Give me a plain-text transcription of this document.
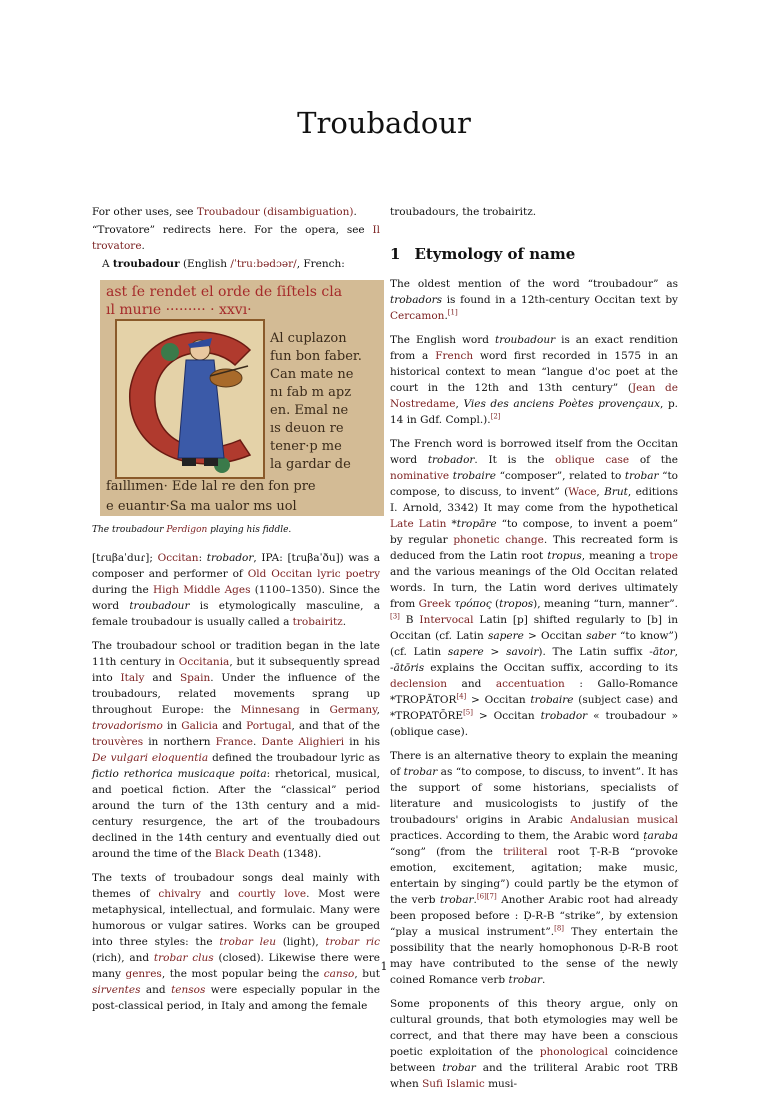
Troubadour

For other uses, see Troubadour (disambiguation).

“Trovatore” redirects here. For the opera, see Il trovatore.

A troubadour (English /ˈtruːbədɔər/, French:

ast ſe rendet el orde de ſiſtels cla
ıl murıe ········· · xxvı·
Al cuplazon
fun bon faber.
Can mate ne
nı fab m apz
en. Emal ne
ıs deuon re
tener·p me
la gardar de
faıllımen· Ede lal re den fon pre
e euantır·Sa ma ualor ms uol

The troubadour Perdigon playing his fiddle.

[tɾuβaˈduɾ]; Occitan: trobador, IPA: [tɾuβaˈðu]) was a composer and performer of Old Occitan lyric poetry during the High Middle Ages (1100–1350). Since the word troubadour is etymologically masculine, a female troubadour is usually called a trobairitz.

The troubadour school or tradition began in the late 11th century in Occitania, but it subsequently spread into Italy and Spain. Under the influence of the troubadours, related movements sprang up throughout Europe: the Minnesang in Germany, trovadorismo in Galicia and Portugal, and that of the trouvères in northern France. Dante Alighieri in his De vulgari eloquentia defined the troubadour lyric as fictio rethorica musicaque poita: rhetorical, musical, and poetical fiction. After the “classical” period around the turn of the 13th century and a mid-century resurgence, the art of the troubadours declined in the 14th century and eventually died out around the time of the Black Death (1348).

The texts of troubadour songs deal mainly with themes of chivalry and courtly love. Most were metaphysical, intellectual, and formulaic. Many were humorous or vulgar satires. Works can be grouped into three styles: the trobar leu (light), trobar ric (rich), and trobar clus (closed). Likewise there were many genres, the most popular being the canso, but sirventes and tensos were especially popular in the post-classical period, in Italy and among the female

troubadours, the trobairitz.

1 Etymology of name

The oldest mention of the word “troubadour” as trobadors is found in a 12th-century Occitan text by Cercamon.[1]

The English word troubadour is an exact rendition from a French word first recorded in 1575 in an historical context to mean “langue d'oc poet at the court in the 12th and 13th century” (Jean de Nostredame, Vies des anciens Poètes provençaux, p. 14 in Gdf. Compl.).[2]

The French word is borrowed itself from the Occitan word trobador. It is the oblique case of the nominative trobaire “composer”, related to trobar “to compose, to discuss, to invent” (Wace, Brut, editions I. Arnold, 3342) It may come from the hypothetical Late Latin *tropāre “to compose, to invent a poem” by regular phonetic change. This recreated form is deduced from the Latin root tropus, meaning a trope and the various meanings of the Old Occitan related words. In turn, the Latin word derives ultimately from Greek τρόπος (tropos), meaning “turn, manner”.[3] B Intervocal Latin [p] shifted regularly to [b] in Occitan (cf. Latin sapere > Occitan saber “to know”) (cf. Latin sapere > savoir). The Latin suffix -ātor, -ātōris explains the Occitan suffix, according to its declension and accentuation : Gallo-Romance *TROPĀTOR[4] > Occitan trobaire (subject case) and *TROPATŌRE[5] > Occitan trobador « troubadour » (oblique case).

There is an alternative theory to explain the meaning of trobar as “to compose, to discuss, to invent”. It has the support of some historians, specialists of literature and musicologists to justify of the troubadours' origins in Arabic Andalusian musical practices. According to them, the Arabic word ṭaraba “song” (from the triliteral root Ṭ-R-B “provoke emotion, excitement, agitation; make music, entertain by singing”) could partly be the etymon of the verb trobar.[6][7] Another Arabic root had already been proposed before : Ḍ-R-B “strike”, by extension “play a musical instrument”.[8] They entertain the possibility that the nearly homophonous Ḍ-R-B root may have contributed to the sense of the newly coined Romance verb trobar.

Some proponents of this theory argue, only on cultural grounds, that both etymologies may well be correct, and that there may have been a conscious poetic exploitation of the phonological coincidence between trobar and the triliteral Arabic root TRB when Sufi Islamic musi-

1
